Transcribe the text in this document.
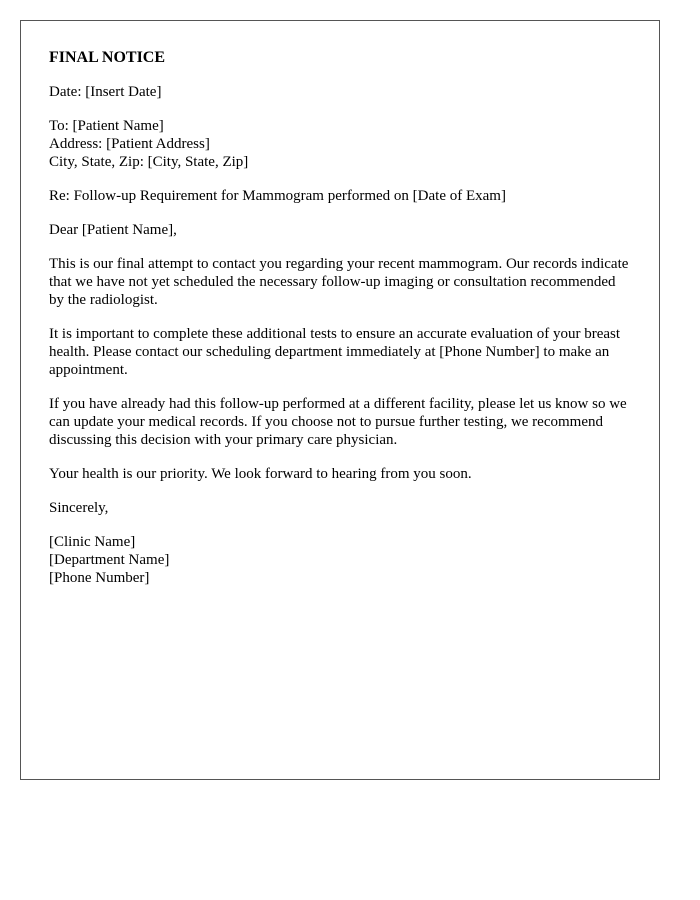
FINAL NOTICE

Date: [Insert Date]

To: [Patient Name]
Address: [Patient Address]
City, State, Zip: [City, State, Zip]

Re: Follow-up Requirement for Mammogram performed on [Date of Exam]

Dear [Patient Name],

This is our final attempt to contact you regarding your recent mammogram. Our records indicate that we have not yet scheduled the necessary follow-up imaging or consultation recommended by the radiologist.

It is important to complete these additional tests to ensure an accurate evaluation of your breast health. Please contact our scheduling department immediately at [Phone Number] to make an appointment.

If you have already had this follow-up performed at a different facility, please let us know so we can update your medical records. If you choose not to pursue further testing, we recommend discussing this decision with your primary care physician.

Your health is our priority. We look forward to hearing from you soon.

Sincerely,

[Clinic Name]
[Department Name]
[Phone Number]
